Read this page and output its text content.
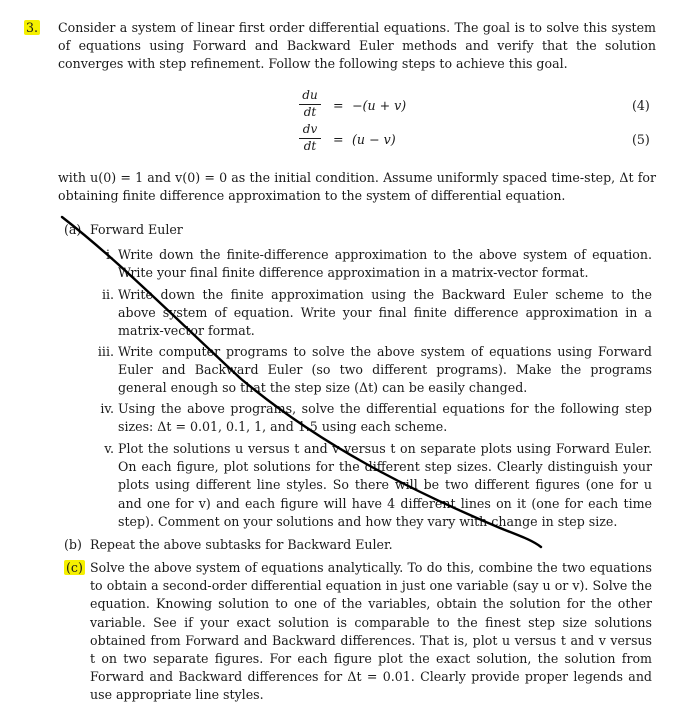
3. Consider a system of linear first order differential equations. The goal is to solve this system of equations using Forward and Backward Euler methods and verify that the solution converges with step refinement. Follow the following steps to achieve this goal.

$\frac{du}{dt} = -(u + v)$	(4)
$\frac{dv}{dt} = (u - v)$	(5)

with u(0) = 1 and v(0) = 0 as the initial condition. Assume uniformly spaced time-step, Δt for obtaining finite difference approximation to the system of differential equation.

(a) Forward Euler
i. Write down the finite-difference approximation to the above system of equation. Write your final finite difference approximation in a matrix-vector format.
ii. Write down the finite approximation using the Backward Euler scheme to the above system of equation. Write your final finite difference approximation in a matrix-vector format.
iii. Write computer programs to solve the above system of equations using Forward Euler and Backward Euler (so two different programs). Make the programs general enough so that the step size (Δt) can be easily changed.
iv. Using the above programs, solve the differential equations for the following step sizes: Δt = 0.01, 0.1, 1, and 1.5 using each scheme.
v. Plot the solutions u versus t and v versus t on separate plots using Forward Euler. On each figure, plot solutions for the different step sizes. Clearly distinguish your plots using different line styles. So there will be two different figures (one for u and one for v) and each figure will have 4 different lines on it (one for each time step). Comment on your solutions and how they vary with change in step size.
(b) Repeat the above subtasks for Backward Euler.
(c) Solve the above system of equations analytically. To do this, combine the two equations to obtain a second-order differential equation in just one variable (say u or v). Solve the equation. Knowing solution to one of the variables, obtain the solution for the other variable. See if your exact solution is comparable to the finest step size solutions obtained from Forward and Backward differences. That is, plot u versus t and v versus t on two separate figures. For each figure plot the exact solution, the solution from Forward and Backward differences for Δt = 0.01. Clearly provide proper legends and use appropriate line styles.
